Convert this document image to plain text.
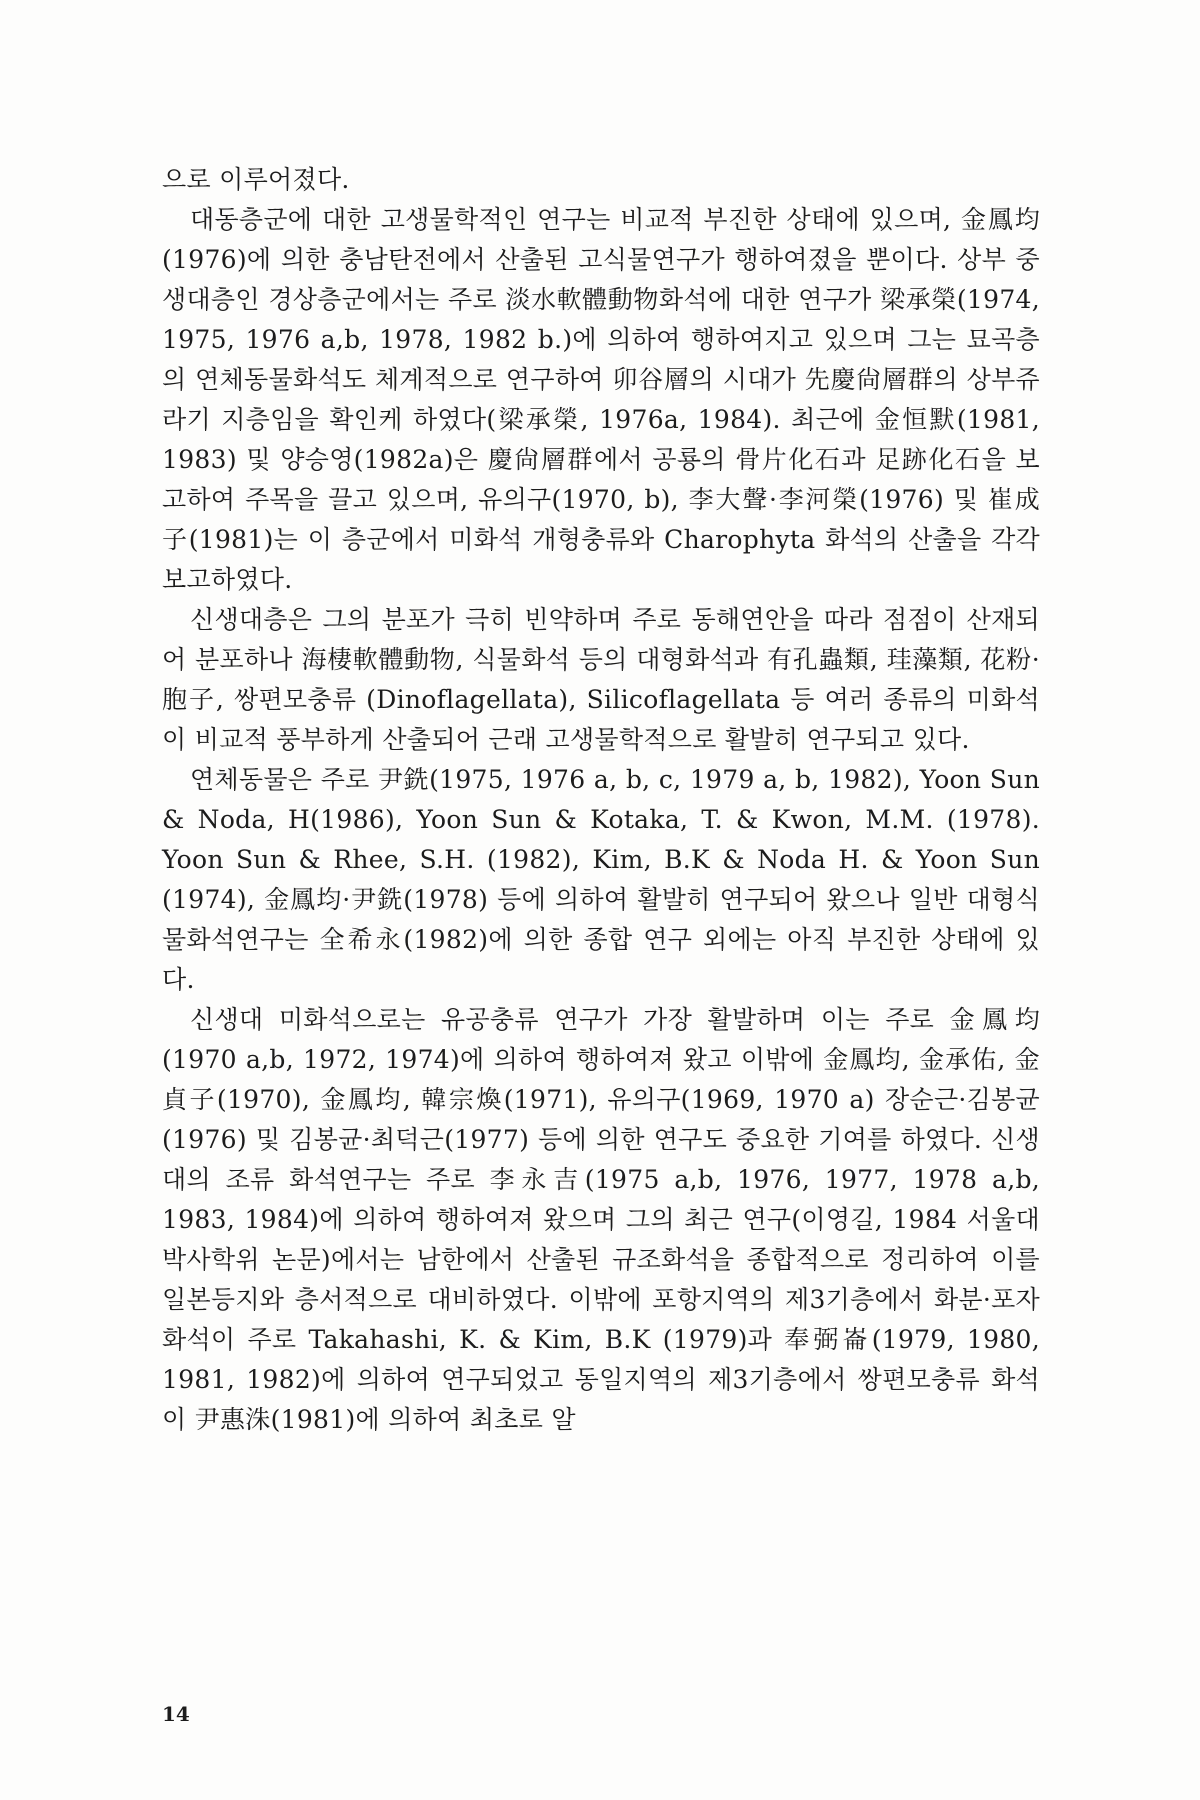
으로 이루어졌다.

대동층군에 대한 고생물학적인 연구는 비교적 부진한 상태에 있으며, 金鳳均(1976)에 의한 충남탄전에서 산출된 고식물연구가 행하여졌을 뿐이다. 상부 중생대층인 경상층군에서는 주로 淡水軟體動物화석에 대한 연구가 梁承榮(1974, 1975, 1976 a,b, 1978, 1982 b.)에 의하여 행하여지고 있으며 그는 묘곡층의 연체동물화석도 체계적으로 연구하여 卯谷層의 시대가 先慶尙層群의 상부쥬라기 지층임을 확인케 하였다(梁承榮, 1976a, 1984). 최근에 金恒默(1981, 1983) 및 양승영(1982a)은 慶尙層群에서 공룡의 骨片化石과 足跡化石을 보고하여 주목을 끌고 있으며, 유의구(1970, b), 李大聲·李河榮(1976) 및 崔成子(1981)는 이 층군에서 미화석 개형충류와 Charophyta 화석의 산출을 각각 보고하였다.

신생대층은 그의 분포가 극히 빈약하며 주로 동해연안을 따라 점점이 산재되어 분포하나 海棲軟體動物, 식물화석 등의 대형화석과 有孔蟲類, 珪藻類, 花粉·胞子, 쌍편모충류 (Dinoflagellata), Silicoflagellata 등 여러 종류의 미화석이 비교적 풍부하게 산출되어 근래 고생물학적으로 활발히 연구되고 있다.

연체동물은 주로 尹銑(1975, 1976 a, b, c, 1979 a, b, 1982), Yoon Sun & Noda, H(1986), Yoon Sun & Kotaka, T. & Kwon, M.M. (1978). Yoon Sun & Rhee, S.H. (1982), Kim, B.K & Noda H. & Yoon Sun (1974), 金鳳均·尹銑(1978) 등에 의하여 활발히 연구되어 왔으나 일반 대형식물화석연구는 全希永(1982)에 의한 종합 연구 외에는 아직 부진한 상태에 있다.

신생대 미화석으로는 유공충류 연구가 가장 활발하며 이는 주로 金鳳均(1970 a,b, 1972, 1974)에 의하여 행하여져 왔고 이밖에 金鳳均, 金承佑, 金貞子(1970), 金鳳均, 韓宗煥(1971), 유의구(1969, 1970 a) 장순근·김봉균(1976) 및 김봉균·최덕근(1977) 등에 의한 연구도 중요한 기여를 하였다. 신생대의 조류 화석연구는 주로 李永吉(1975 a,b, 1976, 1977, 1978 a,b, 1983, 1984)에 의하여 행하여져 왔으며 그의 최근 연구(이영길, 1984 서울대 박사학위 논문)에서는 남한에서 산출된 규조화석을 종합적으로 정리하여 이를 일본등지와 층서적으로 대비하였다. 이밖에 포항지역의 제3기층에서 화분·포자화석이 주로 Takahashi, K. & Kim, B.K (1979)과 奉弼崙(1979, 1980, 1981, 1982)에 의하여 연구되었고 동일지역의 제3기층에서 쌍편모충류 화석이 尹惠洙(1981)에 의하여 최초로 알

14
